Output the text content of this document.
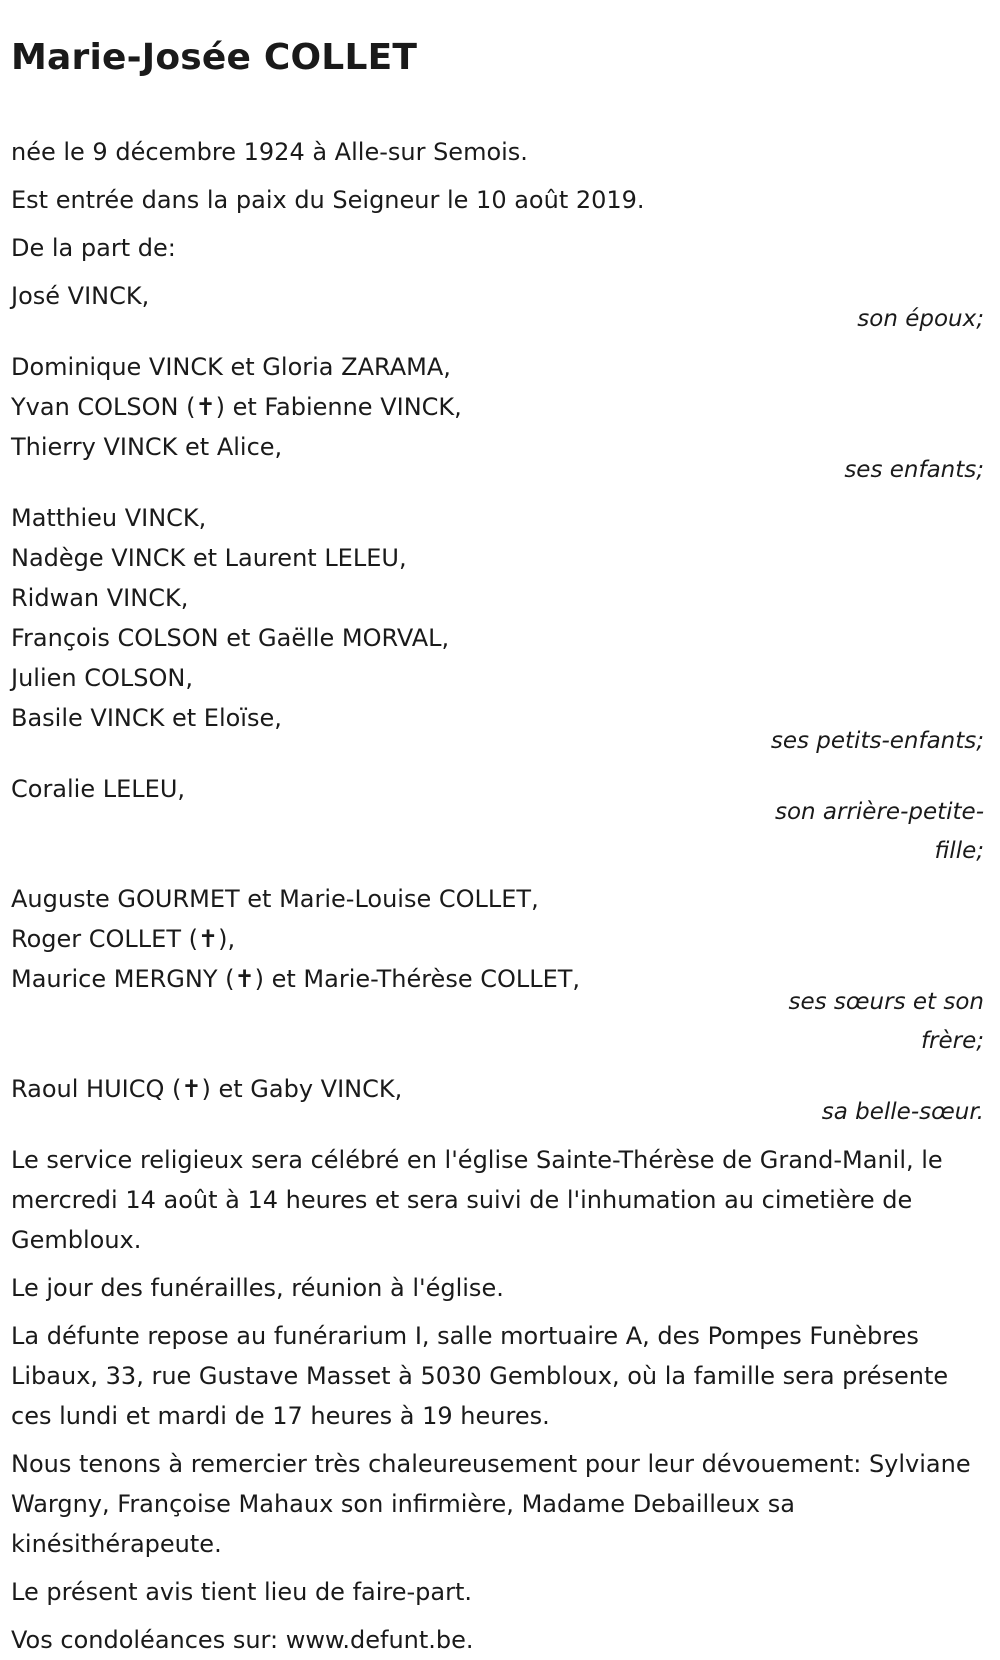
Marie-Josée COLLET

née le 9 décembre 1924 à Alle-sur Semois.

Est entrée dans la paix du Seigneur le 10 août 2019.

De la part de:

José VINCK,
son époux;
Dominique VINCK et Gloria ZARAMA,
Yvan COLSON (✝) et Fabienne VINCK,
Thierry VINCK et Alice,
ses enfants;
Matthieu VINCK,
Nadège VINCK et Laurent LELEU,
Ridwan VINCK,
François COLSON et Gaëlle MORVAL,
Julien COLSON,
Basile VINCK et Eloïse,
ses petits-enfants;
Coralie LELEU,
son arrière-petite-fille;
Auguste GOURMET et Marie-Louise COLLET,
Roger COLLET (✝),
Maurice MERGNY (✝) et Marie-Thérèse COLLET,
ses sœurs et son frère;
Raoul HUICQ (✝) et Gaby VINCK,
sa belle-sœur.

Le service religieux sera célébré en l'église Sainte-Thérèse de Grand-Manil, le mercredi 14 août à 14 heures et sera suivi de l'inhumation au cimetière de Gembloux.

Le jour des funérailles, réunion à l'église.

La défunte repose au funérarium I, salle mortuaire A, des Pompes Funèbres Libaux, 33, rue Gustave Masset à 5030 Gembloux, où la famille sera présente ces lundi et mardi de 17 heures à 19 heures.

Nous tenons à remercier très chaleureusement pour leur dévouement: Sylviane Wargny, Françoise Mahaux son infirmière, Madame Debailleux sa kinésithérapeute.

Le présent avis tient lieu de faire-part.

Vos condoléances sur: www.defunt.be.
